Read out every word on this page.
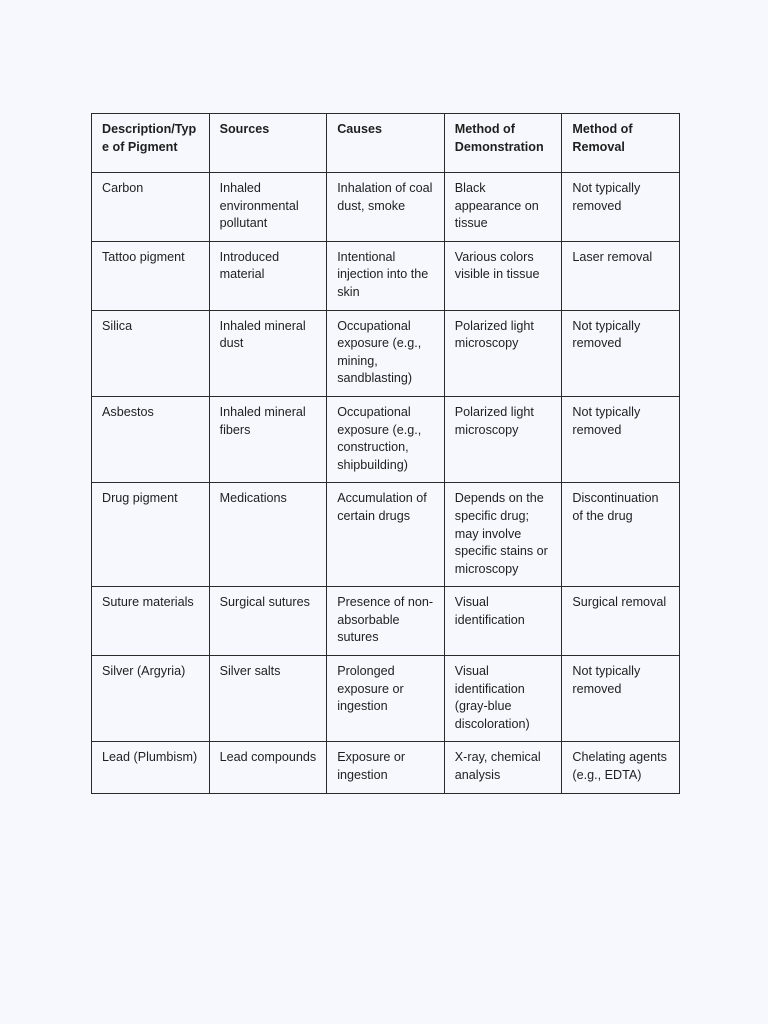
Description/Type of Pigment	Sources	Causes	Method of Demonstration	Method of Removal
Carbon	Inhaled environmental pollutant	Inhalation of coal dust, smoke	Black appearance on tissue	Not typically removed
Tattoo pigment	Introduced material	Intentional injection into the skin	Various colors visible in tissue	Laser removal
Silica	Inhaled mineral dust	Occupational exposure (e.g., mining, sandblasting)	Polarized light microscopy	Not typically removed
Asbestos	Inhaled mineral fibers	Occupational exposure (e.g., construction, shipbuilding)	Polarized light microscopy	Not typically removed
Drug pigment	Medications	Accumulation of certain drugs	Depends on the specific drug; may involve specific stains or microscopy	Discontinuation of the drug
Suture materials	Surgical sutures	Presence of non-absorbable sutures	Visual identification	Surgical removal
Silver (Argyria)	Silver salts	Prolonged exposure or ingestion	Visual identification (gray-blue discoloration)	Not typically removed
Lead (Plumbism)	Lead compounds	Exposure or ingestion	X-ray, chemical analysis	Chelating agents (e.g., EDTA)
